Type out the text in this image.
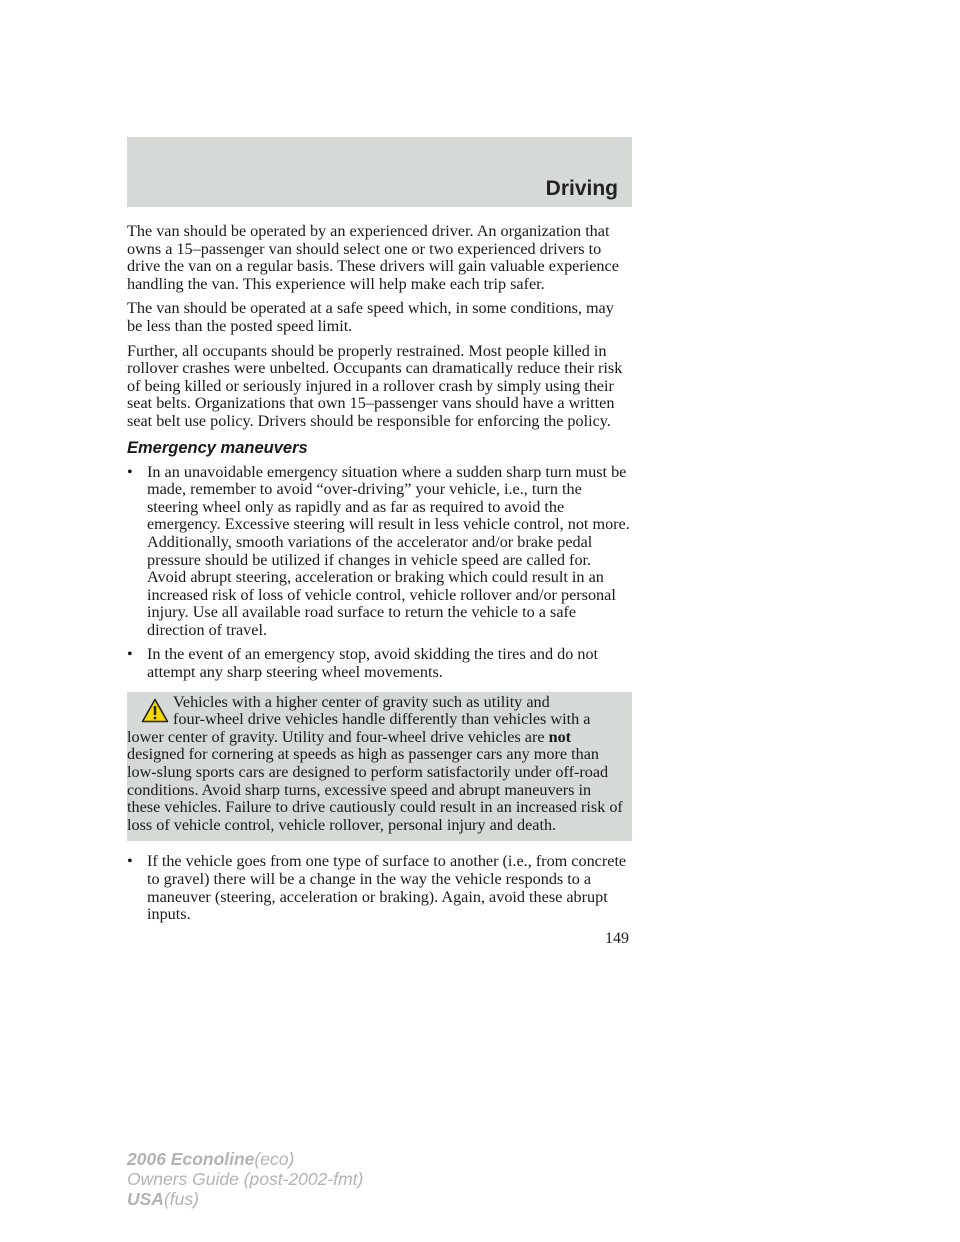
Driving

The van should be operated by an experienced driver. An organization that owns a 15–passenger van should select one or two experienced drivers to drive the van on a regular basis. These drivers will gain valuable experience handling the van. This experience will help make each trip safer.

The van should be operated at a safe speed which, in some conditions, may be less than the posted speed limit.

Further, all occupants should be properly restrained. Most people killed in rollover crashes were unbelted. Occupants can dramatically reduce their risk of being killed or seriously injured in a rollover crash by simply using their seat belts. Organizations that own 15–passenger vans should have a written seat belt use policy. Drivers should be responsible for enforcing the policy.

Emergency maneuvers
• In an unavoidable emergency situation where a sudden sharp turn must be made, remember to avoid “over-driving” your vehicle, i.e., turn the steering wheel only as rapidly and as far as required to avoid the emergency. Excessive steering will result in less vehicle control, not more. Additionally, smooth variations of the accelerator and/or brake pedal pressure should be utilized if changes in vehicle speed are called for. Avoid abrupt steering, acceleration or braking which could result in an increased risk of loss of vehicle control, vehicle rollover and/or personal injury. Use all available road surface to return the vehicle to a safe direction of travel.
• In the event of an emergency stop, avoid skidding the tires and do not attempt any sharp steering wheel movements.
Vehicles with a higher center of gravity such as utility and
four-wheel drive vehicles handle differently than vehicles with a
lower center of gravity. Utility and four-wheel drive vehicles are not designed for cornering at speeds as high as passenger cars any more than low-slung sports cars are designed to perform satisfactorily under off-road conditions. Avoid sharp turns, excessive speed and abrupt maneuvers in these vehicles. Failure to drive cautiously could result in an increased risk of loss of vehicle control, vehicle rollover, personal injury and death.
• If the vehicle goes from one type of surface to another (i.e., from concrete to gravel) there will be a change in the way the vehicle responds to a maneuver (steering, acceleration or braking). Again, avoid these abrupt inputs.
149
2006 Econoline(eco)
Owners Guide (post-2002-fmt)
USA(fus)
